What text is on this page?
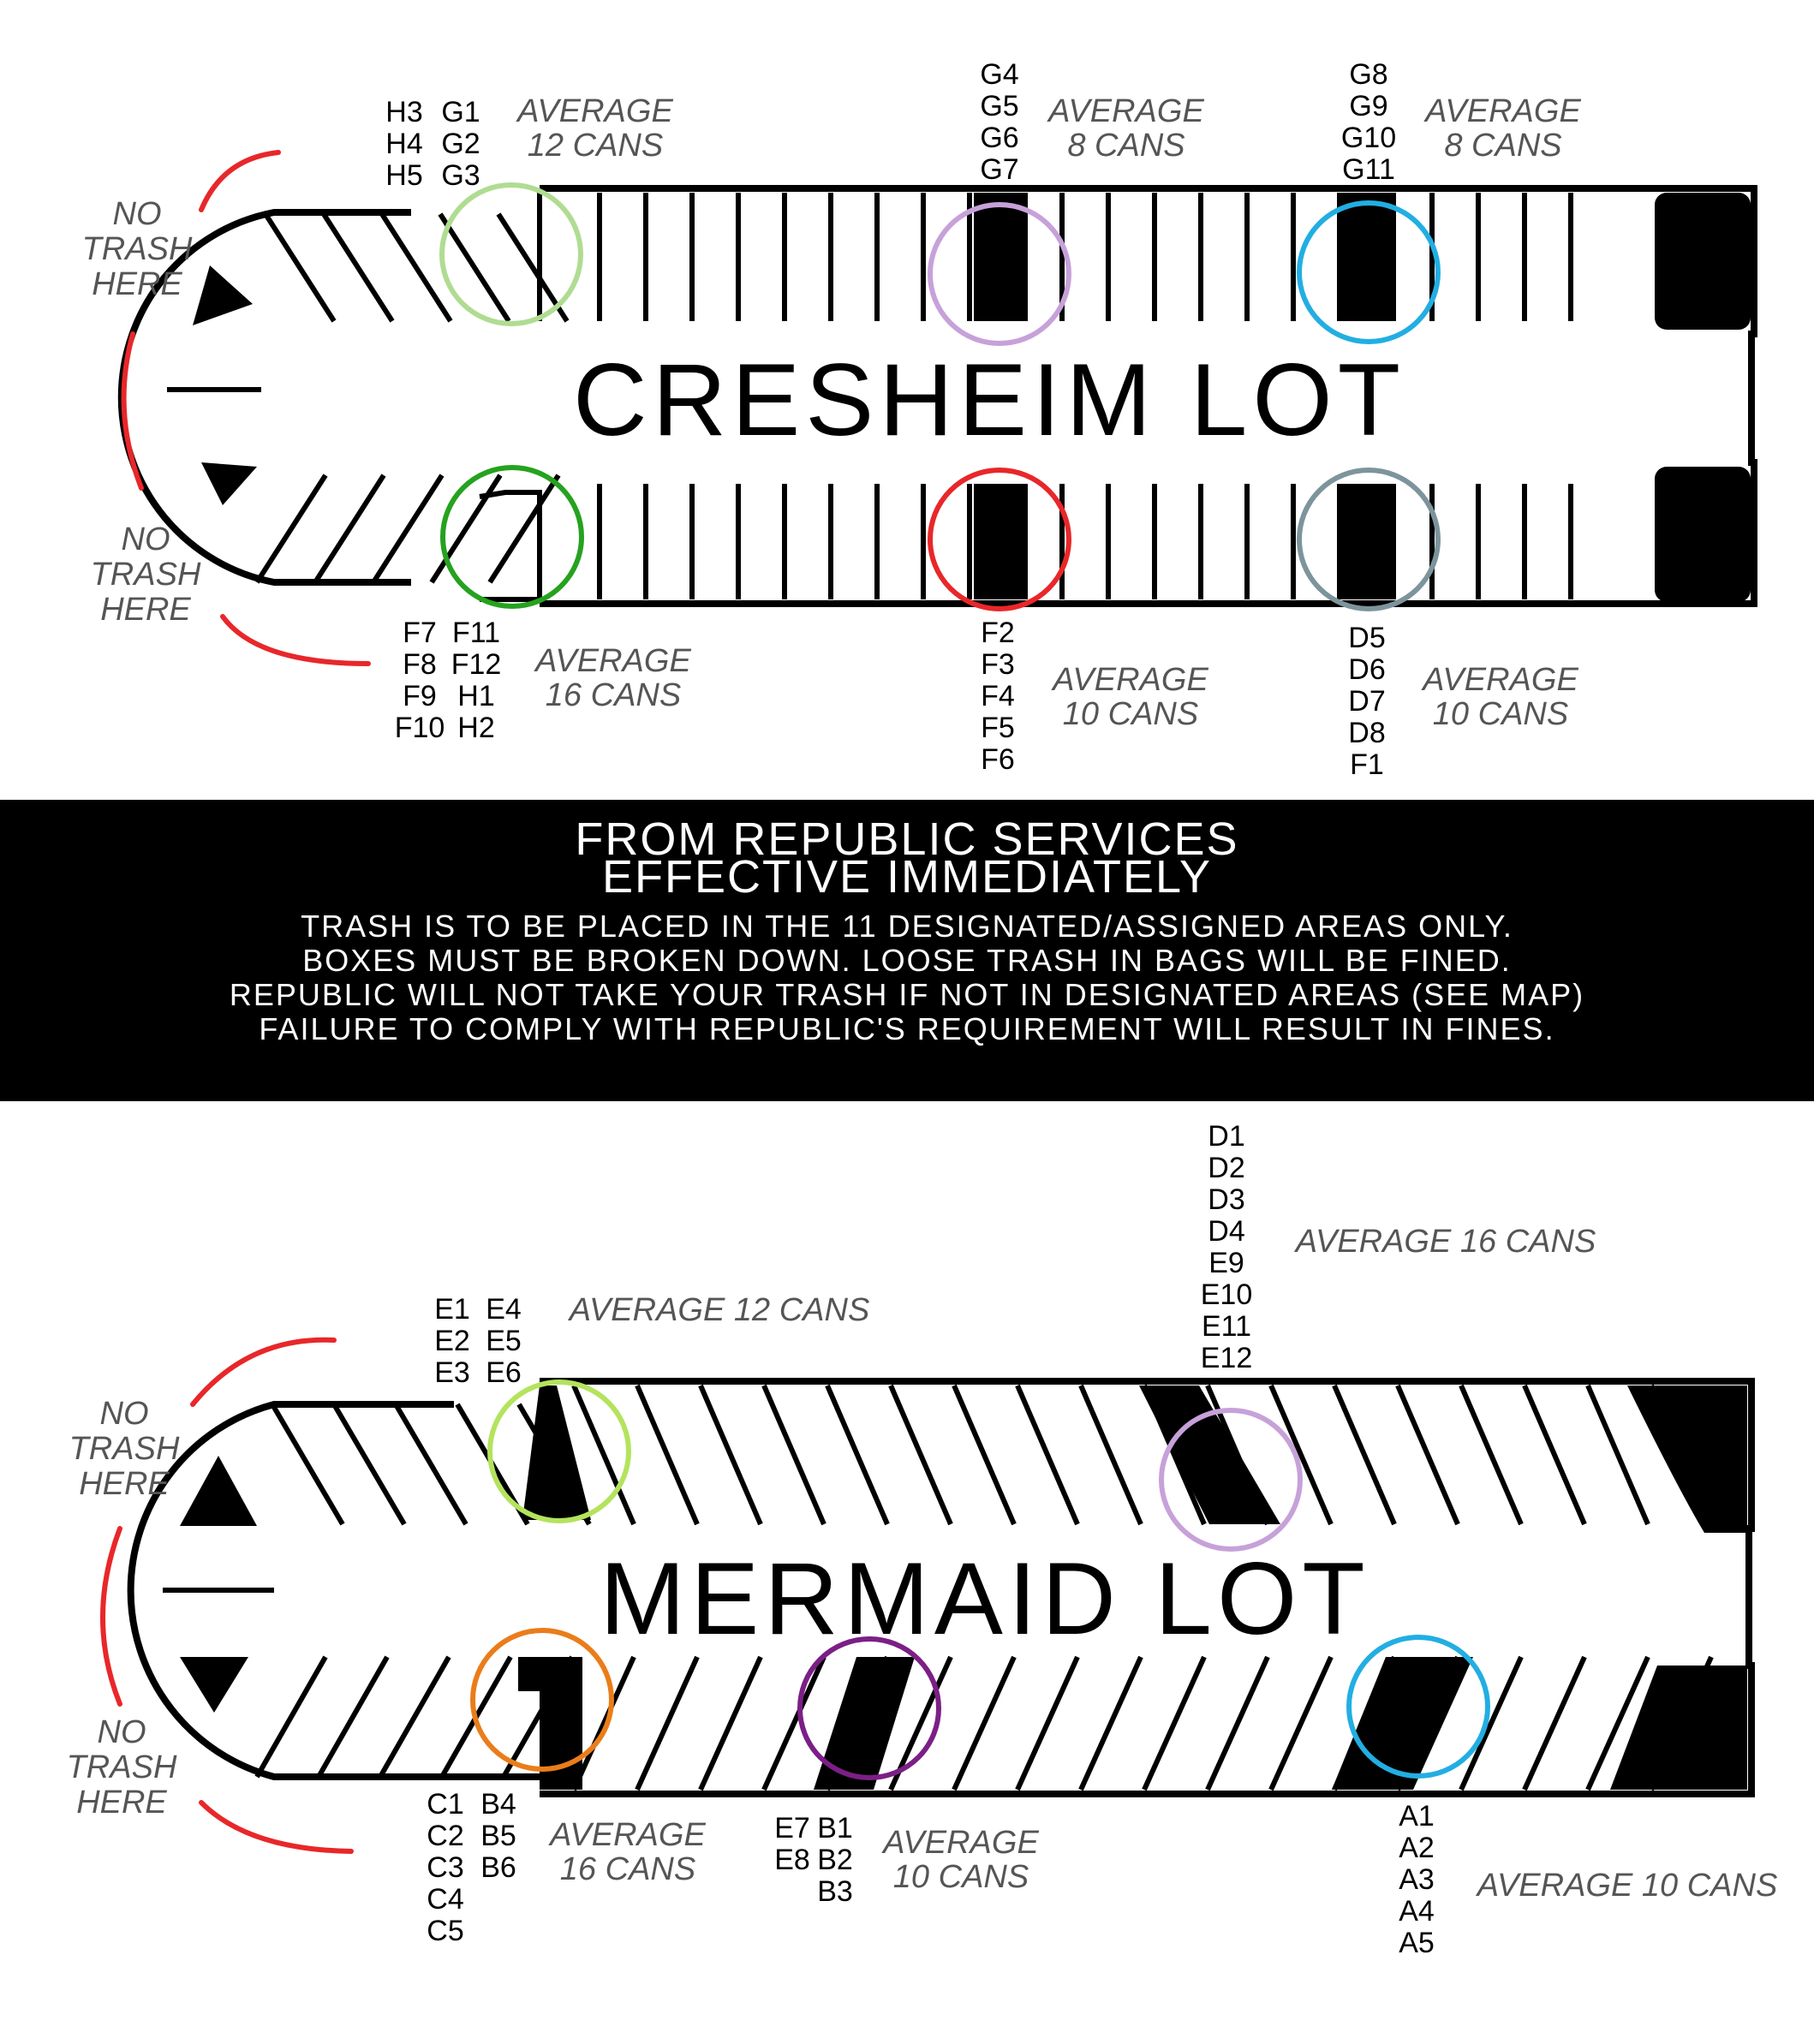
CRESHEIM LOT
NO
TRASH
HERE
NO
TRASH
HERE
H3
H4
H5
G1
G2
G3
AVERAGE
12 CANS
G4
G5
G6
G7
AVERAGE
8 CANS
G8
G9
G10
G11
AVERAGE
8 CANS
F7
F8
F9
F10
F11
F12
H1
H2
AVERAGE
16 CANS
F2
F3
F4
F5
F6
AVERAGE
10 CANS
D5
D6
D7
D8
F1
AVERAGE
10 CANS
MERMAID LOT
NO
TRASH
HERE
NO
TRASH
HERE
E1
E2
E3
E4
E5
E6
AVERAGE 12 CANS
D1
D2
D3
D4
E9
E10
E11
E12
AVERAGE 16 CANS
C1
C2
C3
C4
C5
B4
B5
B6
AVERAGE
16 CANS
E7
E8
B1
B2
B3
AVERAGE
10 CANS
A1
A2
A3
A4
A5
AVERAGE 10 CANS
FROM REPUBLIC SERVICES
EFFECTIVE IMMEDIATELY
TRASH IS TO BE PLACED IN THE 11 DESIGNATED/ASSIGNED AREAS ONLY.
BOXES MUST BE BROKEN DOWN. LOOSE TRASH IN BAGS WILL BE FINED.
REPUBLIC WILL NOT TAKE YOUR TRASH IF NOT IN DESIGNATED AREAS (SEE MAP)
FAILURE TO COMPLY WITH REPUBLIC'S REQUIREMENT WILL RESULT IN FINES.
